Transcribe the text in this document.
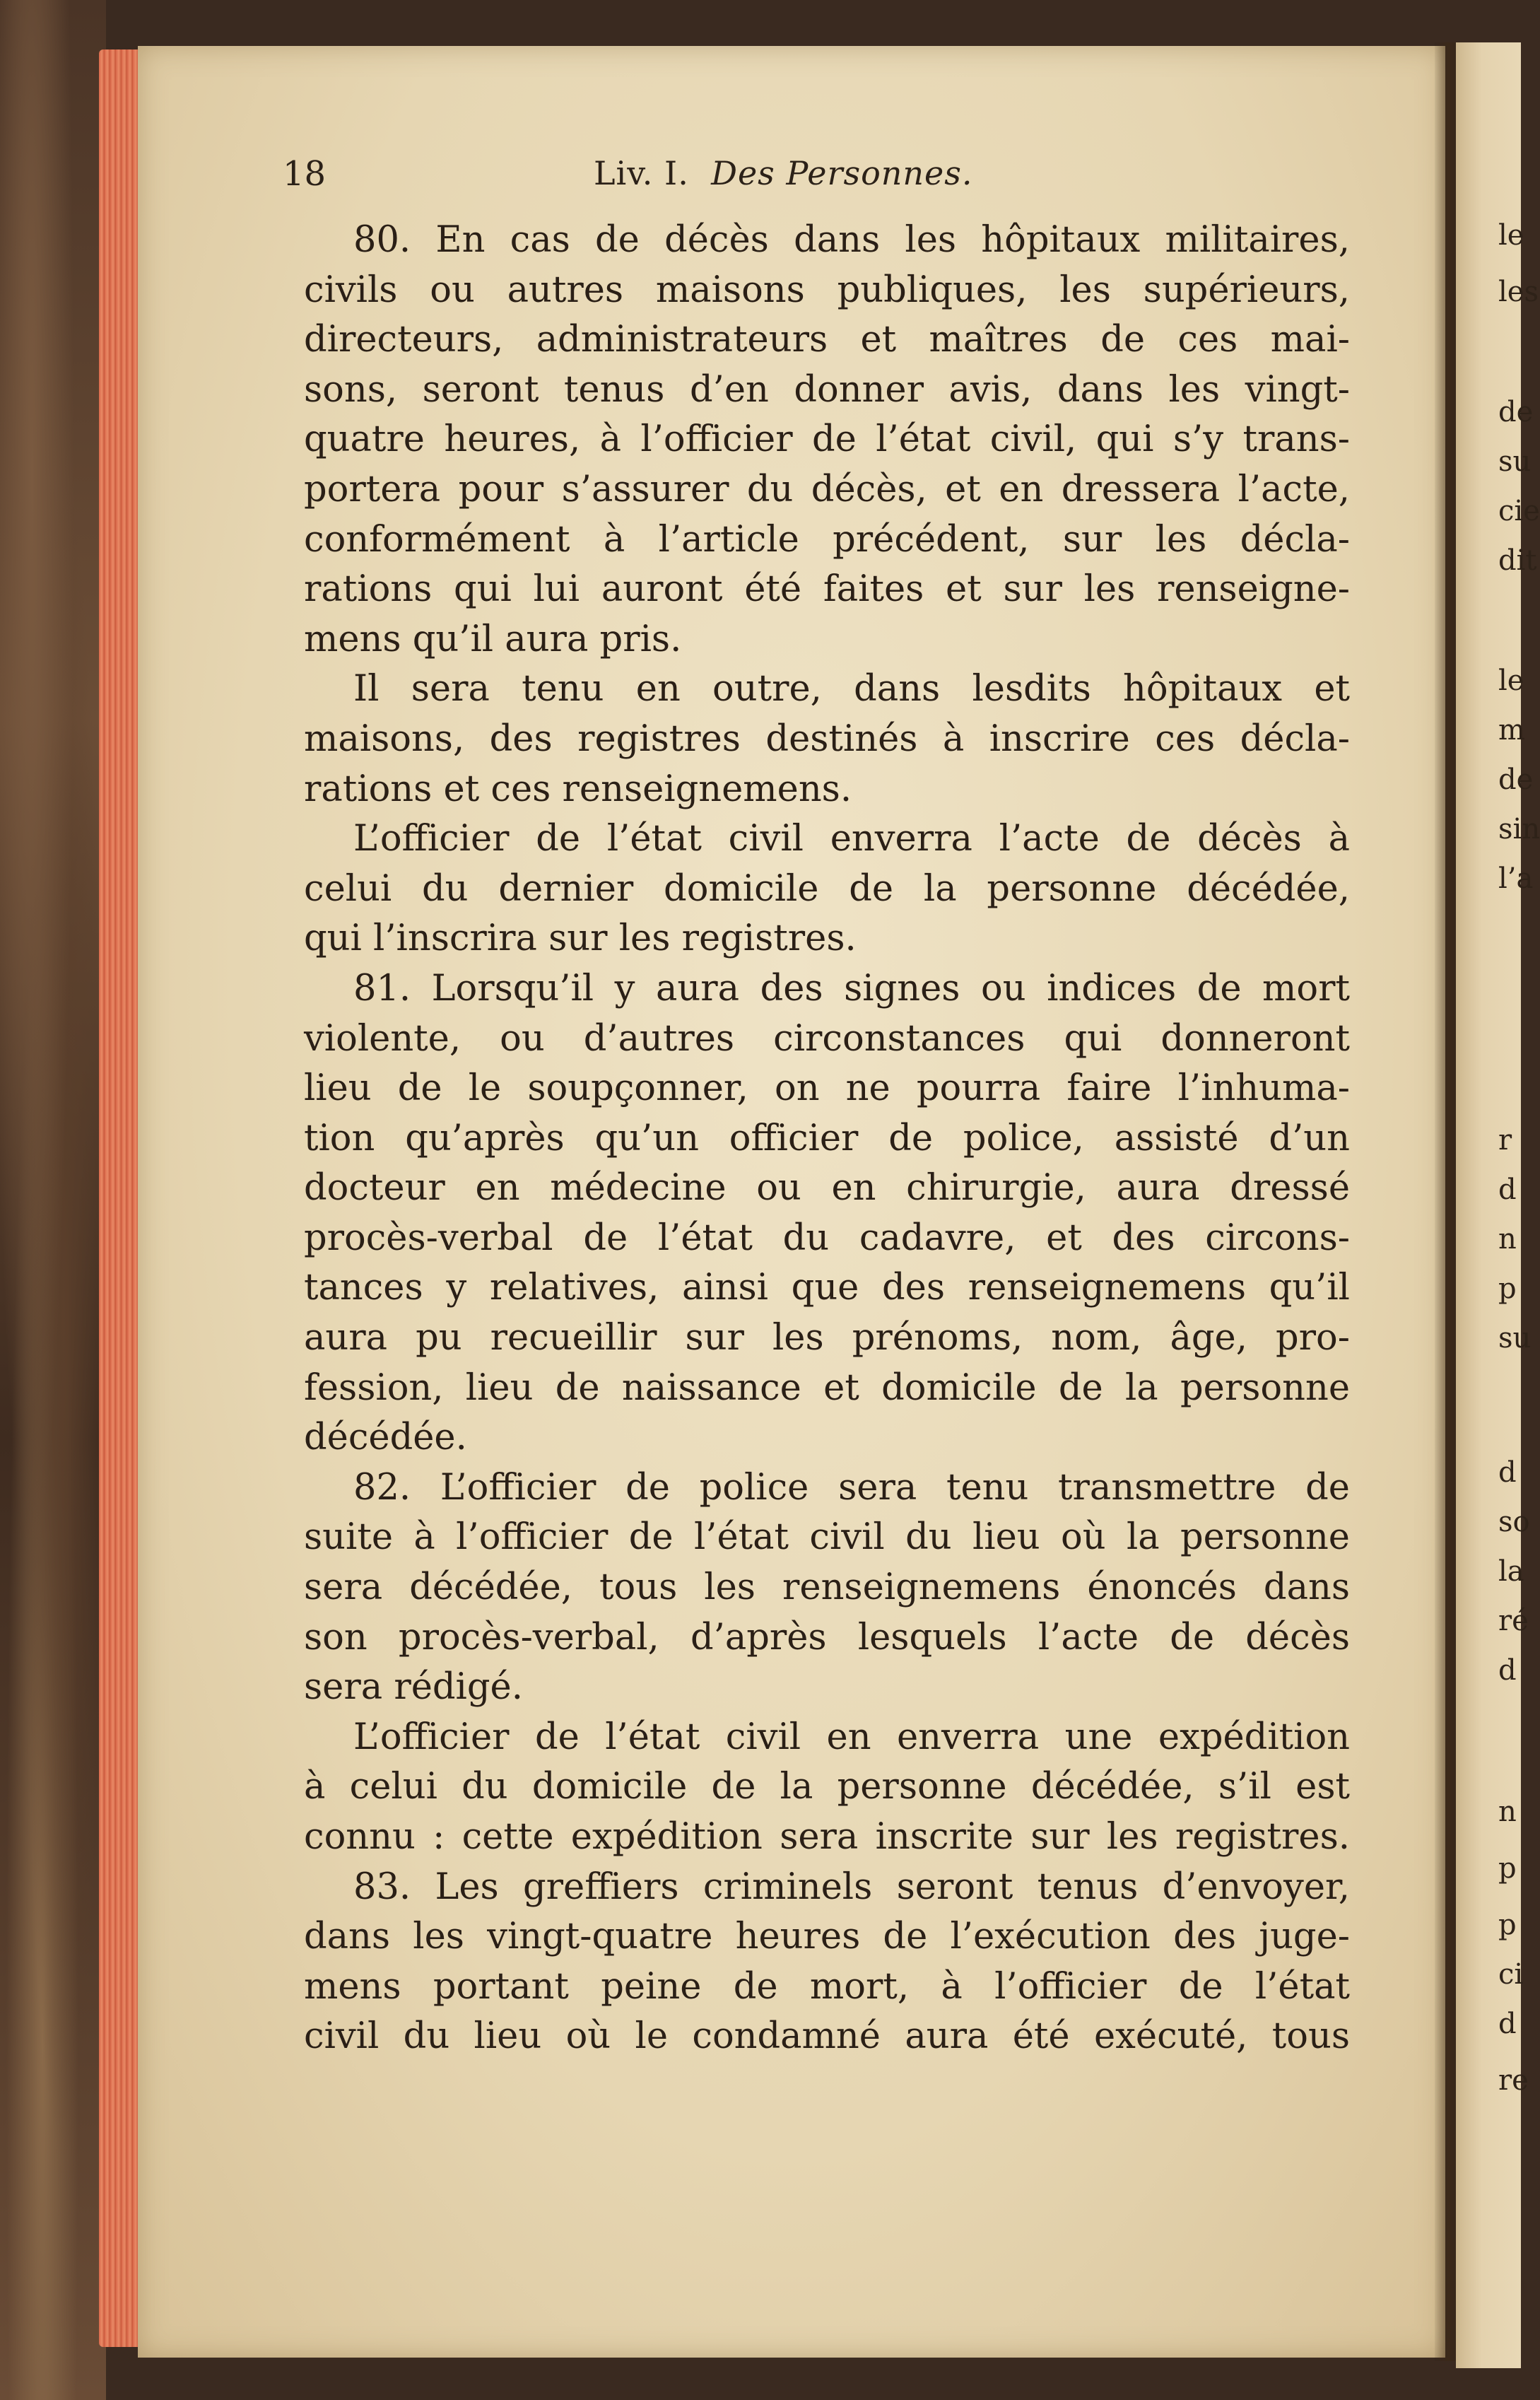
le
les
de
su
cie
dit
le
m
de
sin
l’a
r
d
n
p
su
d
so
la
ré
d
n
p
p
ci
d
re
18	Liv. I. Des Personnes.
80. En cas de décès dans les hôpitaux militaires,
civils ou autres maisons publiques, les supérieurs,
directeurs, administrateurs et maîtres de ces mai-
sons, seront tenus d’en donner avis, dans les vingt-
quatre heures, à l’officier de l’état civil, qui s’y trans-
portera pour s’assurer du décès, et en dressera l’acte,
conformément à l’article précédent, sur les décla-
rations qui lui auront été faites et sur les renseigne-
mens qu’il aura pris.
Il sera tenu en outre, dans lesdits hôpitaux et
maisons, des registres destinés à inscrire ces décla-
rations et ces renseignemens.
L’officier de l’état civil enverra l’acte de décès à
celui du dernier domicile de la personne décédée,
qui l’inscrira sur les registres.
81. Lorsqu’il y aura des signes ou indices de mort
violente, ou d’autres circonstances qui donneront
lieu de le soupçonner, on ne pourra faire l’inhuma-
tion qu’après qu’un officier de police, assisté d’un
docteur en médecine ou en chirurgie, aura dressé
procès-verbal de l’état du cadavre, et des circons-
tances y relatives, ainsi que des renseignemens qu’il
aura pu recueillir sur les prénoms, nom, âge, pro-
fession, lieu de naissance et domicile de la personne
décédée.
82. L’officier de police sera tenu transmettre de
suite à l’officier de l’état civil du lieu où la personne
sera décédée, tous les renseignemens énoncés dans
son procès-verbal, d’après lesquels l’acte de décès
sera rédigé.
L’officier de l’état civil en enverra une expédition
à celui du domicile de la personne décédée, s’il est
connu : cette expédition sera inscrite sur les registres.
83. Les greffiers criminels seront tenus d’envoyer,
dans les vingt-quatre heures de l’exécution des juge-
mens portant peine de mort, à l’officier de l’état
civil du lieu où le condamné aura été exécuté, tous
